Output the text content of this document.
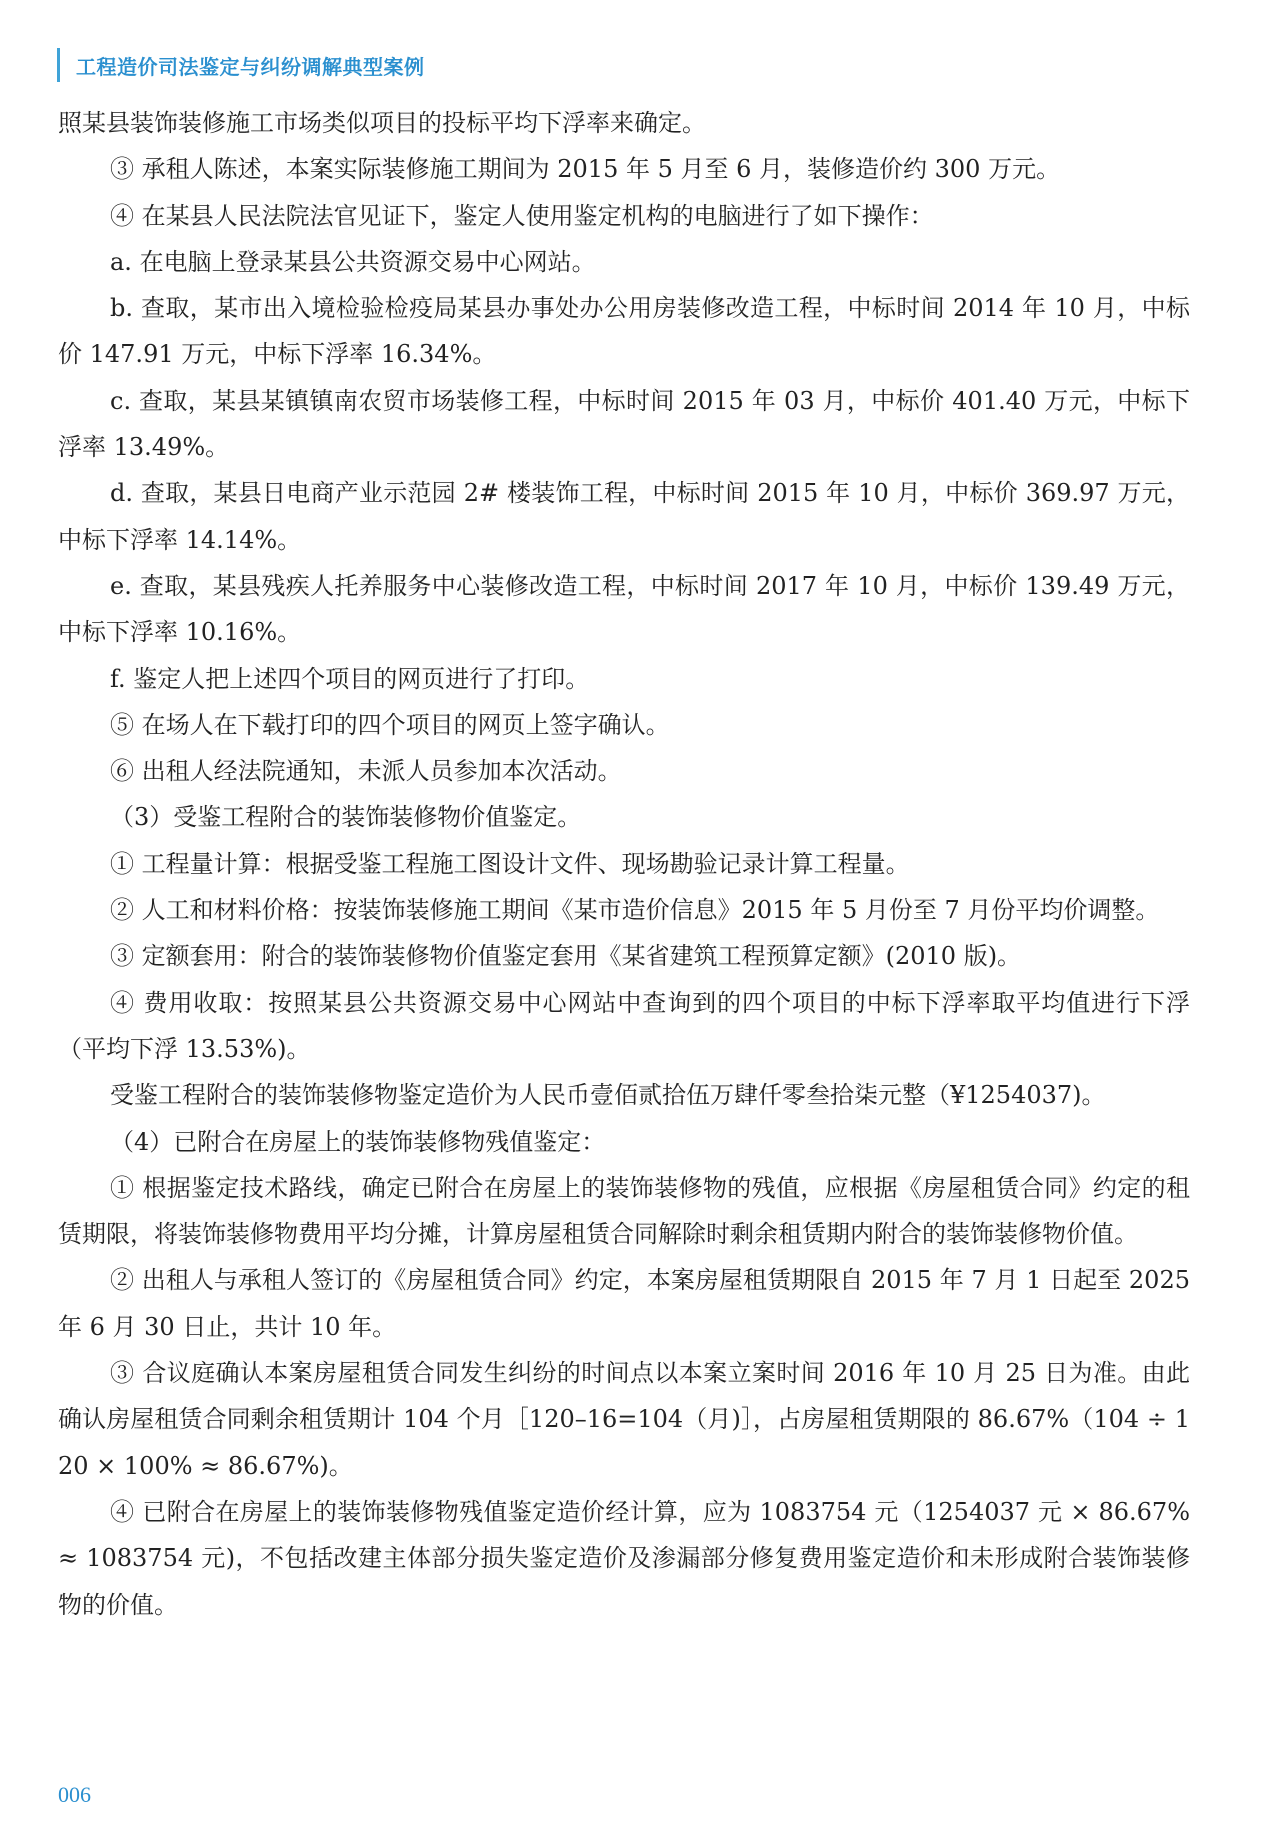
工程造价司法鉴定与纠纷调解典型案例

照某县装饰装修施工市场类似项目的投标平均下浮率来确定。

③ 承租人陈述，本案实际装修施工期间为 2015 年 5 月至 6 月，装修造价约 300 万元。

④ 在某县人民法院法官见证下，鉴定人使用鉴定机构的电脑进行了如下操作：

a. 在电脑上登录某县公共资源交易中心网站。

b. 查取，某市出入境检验检疫局某县办事处办公用房装修改造工程，中标时间 2014 年 10 月，中标价 147.91 万元，中标下浮率 16.34%。

c. 查取，某县某镇镇南农贸市场装修工程，中标时间 2015 年 03 月，中标价 401.40 万元，中标下浮率 13.49%。

d. 查取，某县日电商产业示范园 2# 楼装饰工程，中标时间 2015 年 10 月，中标价 369.97 万元，中标下浮率 14.14%。

e. 查取，某县残疾人托养服务中心装修改造工程，中标时间 2017 年 10 月，中标价 139.49 万元，中标下浮率 10.16%。

f. 鉴定人把上述四个项目的网页进行了打印。

⑤ 在场人在下载打印的四个项目的网页上签字确认。

⑥ 出租人经法院通知，未派人员参加本次活动。

（3）受鉴工程附合的装饰装修物价值鉴定。

① 工程量计算：根据受鉴工程施工图设计文件、现场勘验记录计算工程量。

② 人工和材料价格：按装饰装修施工期间《某市造价信息》2015 年 5 月份至 7 月份平均价调整。

③ 定额套用：附合的装饰装修物价值鉴定套用《某省建筑工程预算定额》(2010 版)。

④ 费用收取：按照某县公共资源交易中心网站中查询到的四个项目的中标下浮率取平均值进行下浮（平均下浮 13.53%)。

受鉴工程附合的装饰装修物鉴定造价为人民币壹佰贰拾伍万肆仟零叁拾柒元整（¥1254037)。

（4）已附合在房屋上的装饰装修物残值鉴定：

① 根据鉴定技术路线，确定已附合在房屋上的装饰装修物的残值，应根据《房屋租赁合同》约定的租赁期限，将装饰装修物费用平均分摊，计算房屋租赁合同解除时剩余租赁期内附合的装饰装修物价值。

② 出租人与承租人签订的《房屋租赁合同》约定，本案房屋租赁期限自 2015 年 7 月 1 日起至 2025 年 6 月 30 日止，共计 10 年。

③ 合议庭确认本案房屋租赁合同发生纠纷的时间点以本案立案时间 2016 年 10 月 25 日为准。由此确认房屋租赁合同剩余租赁期计 104 个月［120–16=104（月)］，占房屋租赁期限的 86.67%（104 ÷ 120 × 100% ≈ 86.67%)。

④ 已附合在房屋上的装饰装修物残值鉴定造价经计算，应为 1083754 元（1254037 元 × 86.67% ≈ 1083754 元)，不包括改建主体部分损失鉴定造价及渗漏部分修复费用鉴定造价和未形成附合装饰装修物的价值。

006
